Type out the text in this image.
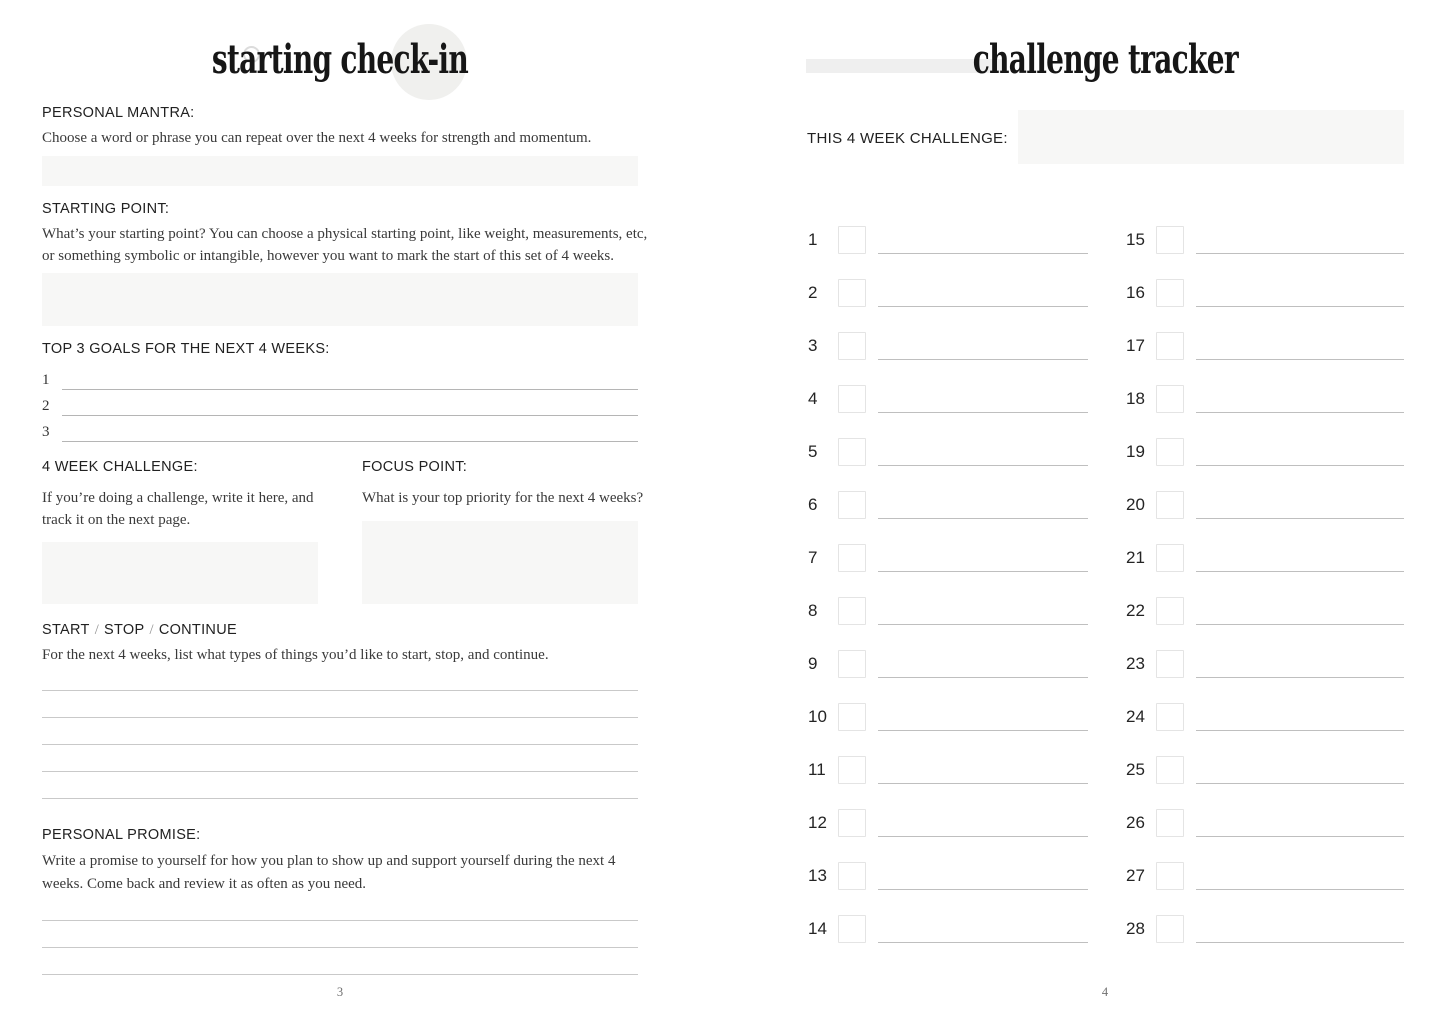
starting check-in
PERSONAL MANTRA:
Choose a word or phrase you can repeat over the next 4 weeks for strength and momentum.
STARTING POINT:
What’s your starting point? You can choose a physical starting point, like weight, measurements, etc,
or something symbolic or intangible, however you want to mark the start of this set of 4 weeks.
TOP 3 GOALS FOR THE NEXT 4 WEEKS:
1
2
3
4 WEEK CHALLENGE:	FOCUS POINT:
If you’re doing a challenge, write it here, and
track it on the next page.
What is your top priority for the next 4 weeks?
START / STOP / CONTINUE
For the next 4 weeks, list what types of things you’d like to start, stop, and continue.
PERSONAL PROMISE:
Write a promise to yourself for how you plan to show up and support yourself during the next 4
weeks. Come back and review it as often as you need.
3
challenge tracker
THIS 4 WEEK CHALLENGE:
1
2
3
4
5
6
7
8
9
10
11
12
13
14
15
16
17
18
19
20
21
22
23
24
25
26
27
28
4
